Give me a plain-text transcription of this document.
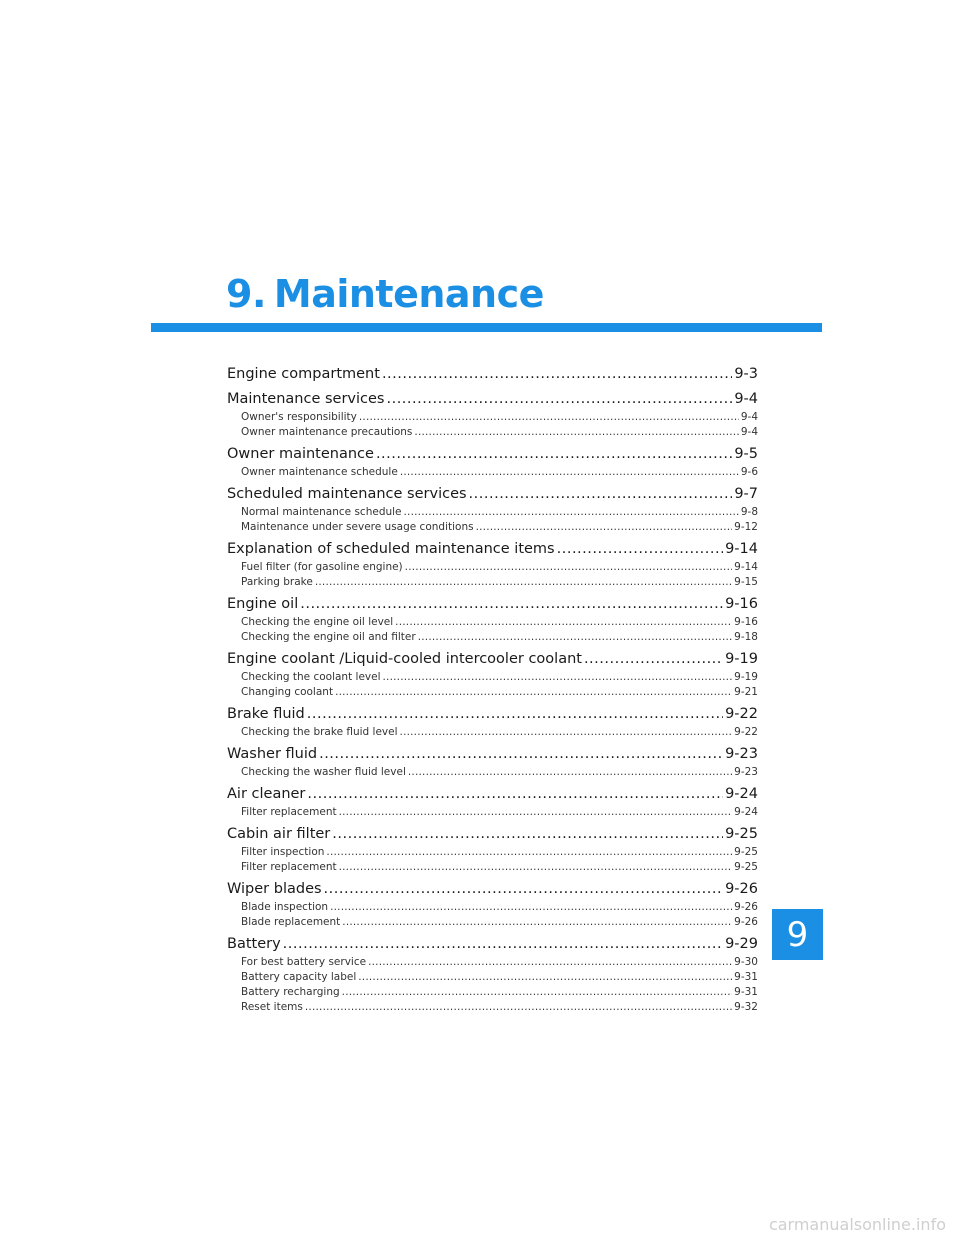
9. Maintenance
Engine compartment .....	9-3
Maintenance services .....	9-4
Owner's responsibility .....	9-4
Owner maintenance precautions .....	9-4
Owner maintenance .....	9-5
Owner maintenance schedule .....	9-6
Scheduled maintenance services .....	9-7
Normal maintenance schedule .....	9-8
Maintenance under severe usage conditions .....	9-12
Explanation of scheduled maintenance items .....	9-14
Fuel filter (for gasoline engine) .....	9-14
Parking brake .....	9-15
Engine oil .....	9-16
Checking the engine oil level .....	9-16
Checking the engine oil and filter .....	9-18
Engine coolant /Liquid-cooled intercooler coolant .....	9-19
Checking the coolant level .....	9-19
Changing coolant .....	9-21
Brake fluid .....	9-22
Checking the brake fluid level .....	9-22
Washer fluid .....	9-23
Checking the washer fluid level .....	9-23
Air cleaner .....	9-24
Filter replacement .....	9-24
Cabin air filter .....	9-25
Filter inspection .....	9-25
Filter replacement .....	9-25
Wiper blades .....	9-26
Blade inspection .....	9-26
Blade replacement .....	9-26
Battery .....	9-29
For best battery service .....	9-30
Battery capacity label .....	9-31
Battery recharging .....	9-31
Reset items .....	9-32
9
carmanualsonline.info
